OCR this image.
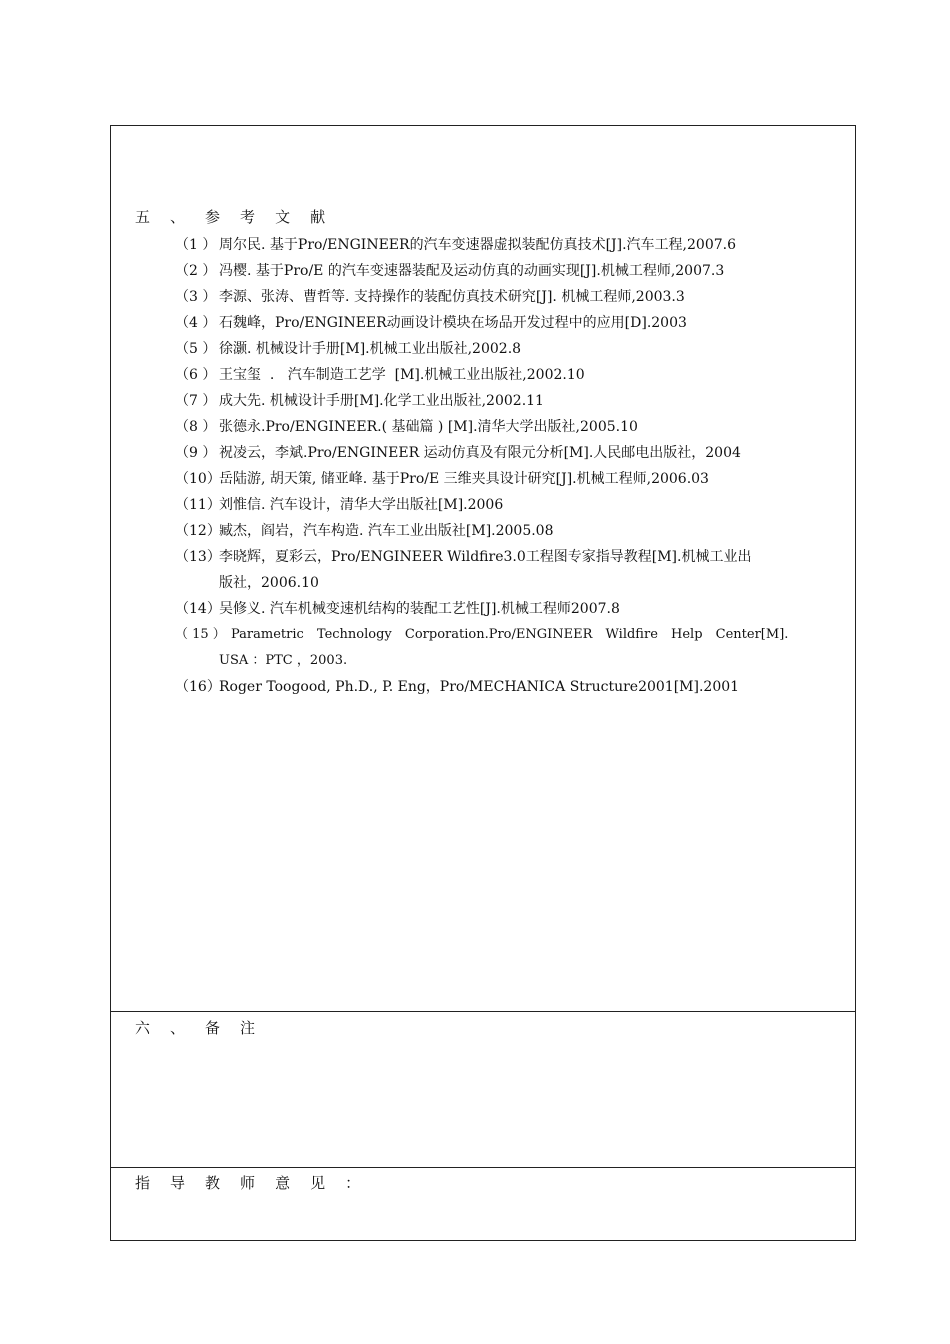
五 、 参 考 文 献
（1 ） 周尔民. 基于Pro/ENGINEER的汽车变速器虚拟装配仿真技术[J].汽车工程,2007.6
（2 ） 冯樱. 基于Pro/E 的汽车变速器装配及运动仿真的动画实现[J].机械工程师,2007.3
（3 ） 李源、张涛、曹哲等. 支持操作的装配仿真技术研究[J]. 机械工程师,2003.3
（4 ） 石魏峰，Pro/ENGINEER动画设计模块在场品开发过程中的应用[D].2003
（5 ） 徐灏. 机械设计手册[M].机械工业出版社,2002.8
（6 ） 王宝玺  .   汽车制造工艺学  [M].机械工业出版社,2002.10
（7 ） 成大先. 机械设计手册[M].化学工业出版社,2002.11
（8 ） 张德永.Pro/ENGINEER.( 基础篇 ) [M].清华大学出版社,2005.10
（9 ） 祝凌云，李斌.Pro/ENGINEER 运动仿真及有限元分析[M].人民邮电出版社，2004
（10）岳陆游, 胡天策, 储亚峰. 基于Pro/E 三维夹具设计研究[J].机械工程师,2006.03
（11）刘惟信. 汽车设计，清华大学出版社[M].2006
（12）臧杰，阎岩，汽车构造. 汽车工业出版社[M].2005.08
（13）李晓辉，夏彩云，Pro/ENGINEER Wildfire3.0工程图专家指导教程[M].机械工业出
版社，2006.10
（14）吴修义. 汽车机械变速机结构的装配工艺性[J].机械工程师2007.8
（ 15 ） Parametric Technology Corporation.Pro/ENGINEER Wildfire Help Center[M].
USA ：PTC ，2003.
（16）Roger Toogood, Ph.D., P. Eng，Pro/MECHANICA Structure2001[M].2001
六 、 备 注
指 导 教 师 意 见 ：
